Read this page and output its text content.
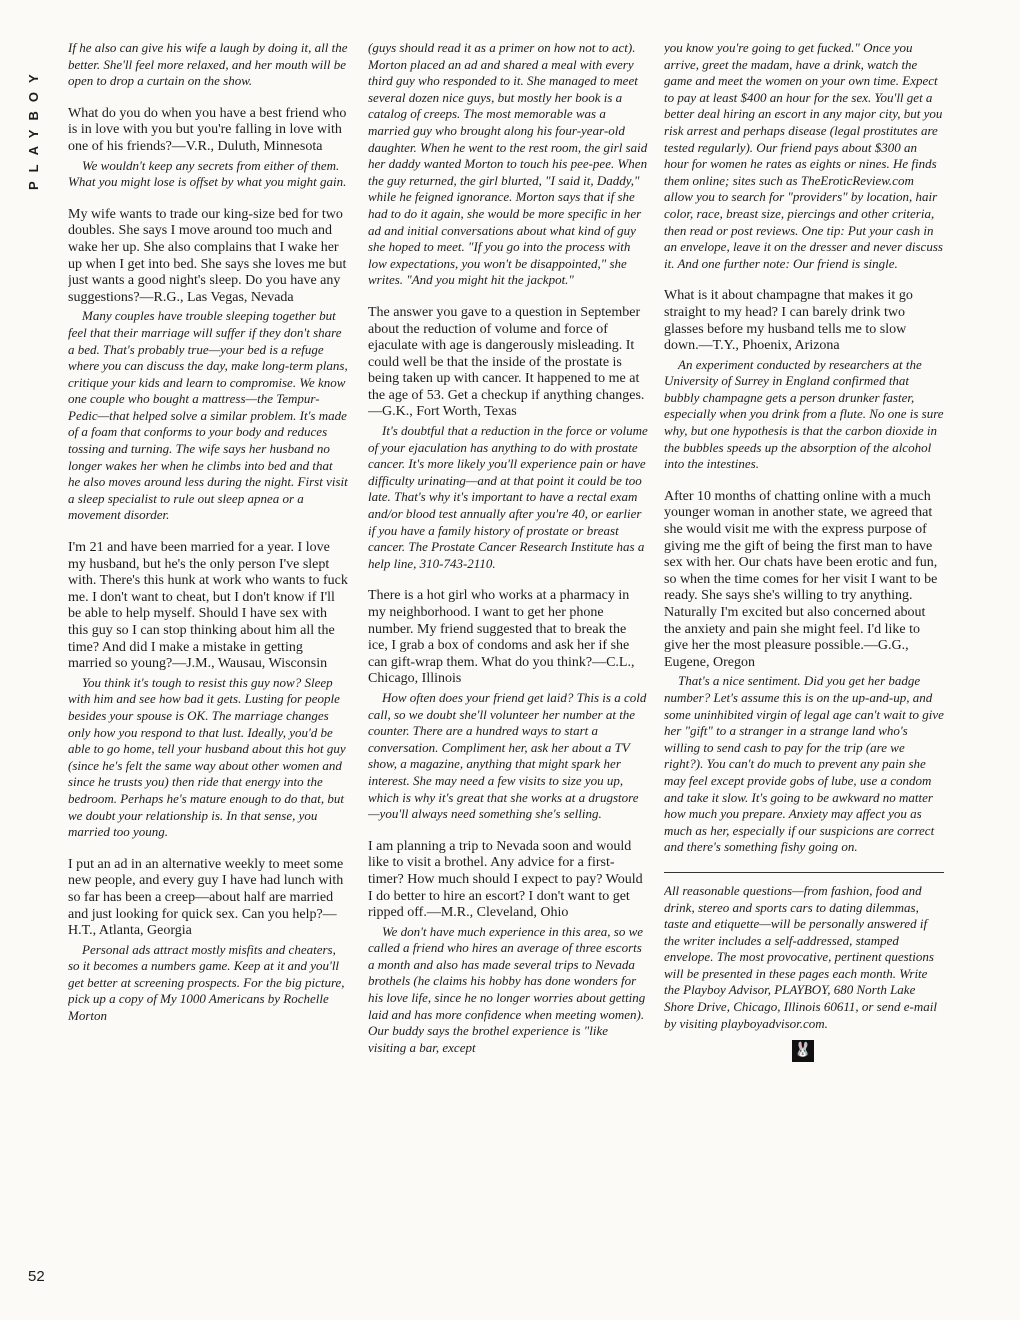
PLAYBOY
52

If he also can give his wife a laugh by doing it, all the better. She'll feel more relaxed, and her mouth will be open to drop a curtain on the show.

What do you do when you have a best friend who is in love with you but you're falling in love with one of his friends?—V.R., Duluth, Minnesota

We wouldn't keep any secrets from either of them. What you might lose is offset by what you might gain.

My wife wants to trade our king-size bed for two doubles. She says I move around too much and wake her up. She also complains that I wake her up when I get into bed. She says she loves me but just wants a good night's sleep. Do you have any suggestions?—R.G., Las Vegas, Nevada

Many couples have trouble sleeping together but feel that their marriage will suffer if they don't share a bed. That's probably true—your bed is a refuge where you can discuss the day, make long-term plans, critique your kids and learn to compromise. We know one couple who bought a mattress—the Tempur-Pedic—that helped solve a similar problem. It's made of a foam that conforms to your body and reduces tossing and turning. The wife says her husband no longer wakes her when he climbs into bed and that he also moves around less during the night. First visit a sleep specialist to rule out sleep apnea or a movement disorder.

I'm 21 and have been married for a year. I love my husband, but he's the only person I've slept with. There's this hunk at work who wants to fuck me. I don't want to cheat, but I don't know if I'll be able to help myself. Should I have sex with this guy so I can stop thinking about him all the time? And did I make a mistake in getting married so young?—J.M., Wausau, Wisconsin

You think it's tough to resist this guy now? Sleep with him and see how bad it gets. Lusting for people besides your spouse is OK. The marriage changes only how you respond to that lust. Ideally, you'd be able to go home, tell your husband about this hot guy (since he's felt the same way about other women and since he trusts you) then ride that energy into the bedroom. Perhaps he's mature enough to do that, but we doubt your relationship is. In that sense, you married too young.

I put an ad in an alternative weekly to meet some new people, and every guy I have had lunch with so far has been a creep—about half are married and just looking for quick sex. Can you help?—H.T., Atlanta, Georgia

Personal ads attract mostly misfits and cheaters, so it becomes a numbers game. Keep at it and you'll get better at screening prospects. For the big picture, pick up a copy of My 1000 Americans by Rochelle Morton

(guys should read it as a primer on how not to act). Morton placed an ad and shared a meal with every third guy who responded to it. She managed to meet several dozen nice guys, but mostly her book is a catalog of creeps. The most memorable was a married guy who brought along his four-year-old daughter. When he went to the rest room, the girl said her daddy wanted Morton to touch his pee-pee. When the guy returned, the girl blurted, "I said it, Daddy," while he feigned ignorance. Morton says that if she had to do it again, she would be more specific in her ad and initial conversations about what kind of guy she hoped to meet. "If you go into the process with low expectations, you won't be disappointed," she writes. "And you might hit the jackpot."

The answer you gave to a question in September about the reduction of volume and force of ejaculate with age is dangerously misleading. It could well be that the inside of the prostate is being taken up with cancer. It happened to me at the age of 53. Get a checkup if anything changes.—G.K., Fort Worth, Texas

It's doubtful that a reduction in the force or volume of your ejaculation has anything to do with prostate cancer. It's more likely you'll experience pain or have difficulty urinating—and at that point it could be too late. That's why it's important to have a rectal exam and/or blood test annually after you're 40, or earlier if you have a family history of prostate or breast cancer. The Prostate Cancer Research Institute has a help line, 310-743-2110.

There is a hot girl who works at a pharmacy in my neighborhood. I want to get her phone number. My friend suggested that to break the ice, I grab a box of condoms and ask her if she can gift-wrap them. What do you think?—C.L., Chicago, Illinois

How often does your friend get laid? This is a cold call, so we doubt she'll volunteer her number at the counter. There are a hundred ways to start a conversation. Compliment her, ask her about a TV show, a magazine, anything that might spark her interest. She may need a few visits to size you up, which is why it's great that she works at a drugstore—you'll always need something she's selling.

I am planning a trip to Nevada soon and would like to visit a brothel. Any advice for a first-timer? How much should I expect to pay? Would I do better to hire an escort? I don't want to get ripped off.—M.R., Cleveland, Ohio

We don't have much experience in this area, so we called a friend who hires an average of three escorts a month and also has made several trips to Nevada brothels (he claims his hobby has done wonders for his love life, since he no longer worries about getting laid and has more confidence when meeting women). Our buddy says the brothel experience is "like visiting a bar, except

you know you're going to get fucked." Once you arrive, greet the madam, have a drink, watch the game and meet the women on your own time. Expect to pay at least $400 an hour for the sex. You'll get a better deal hiring an escort in any major city, but you risk arrest and perhaps disease (legal prostitutes are tested regularly). Our friend pays about $300 an hour for women he rates as eights or nines. He finds them online; sites such as TheEroticReview.com allow you to search for "providers" by location, hair color, race, breast size, piercings and other criteria, then read or post reviews. One tip: Put your cash in an envelope, leave it on the dresser and never discuss it. And one further note: Our friend is single.

What is it about champagne that makes it go straight to my head? I can barely drink two glasses before my husband tells me to slow down.—T.Y., Phoenix, Arizona

An experiment conducted by researchers at the University of Surrey in England confirmed that bubbly champagne gets a person drunker faster, especially when you drink from a flute. No one is sure why, but one hypothesis is that the carbon dioxide in the bubbles speeds up the absorption of the alcohol into the intestines.

After 10 months of chatting online with a much younger woman in another state, we agreed that she would visit me with the express purpose of giving me the gift of being the first man to have sex with her. Our chats have been erotic and fun, so when the time comes for her visit I want to be ready. She says she's willing to try anything. Naturally I'm excited but also concerned about the anxiety and pain she might feel. I'd like to give her the most pleasure possible.—G.G., Eugene, Oregon

That's a nice sentiment. Did you get her badge number? Let's assume this is on the up-and-up, and some uninhibited virgin of legal age can't wait to give her "gift" to a stranger in a strange land who's willing to send cash to pay for the trip (are we right?). You can't do much to prevent any pain she may feel except provide gobs of lube, use a condom and take it slow. It's going to be awkward no matter how much you prepare. Anxiety may affect you as much as her, especially if our suspicions are correct and there's something fishy going on.

All reasonable questions—from fashion, food and drink, stereo and sports cars to dating dilemmas, taste and etiquette—will be personally answered if the writer includes a self-addressed, stamped envelope. The most provocative, pertinent questions will be presented in these pages each month. Write the Playboy Advisor, PLAYBOY, 680 North Lake Shore Drive, Chicago, Illinois 60611, or send e-mail by visiting playboyadvisor.com.

🐰
